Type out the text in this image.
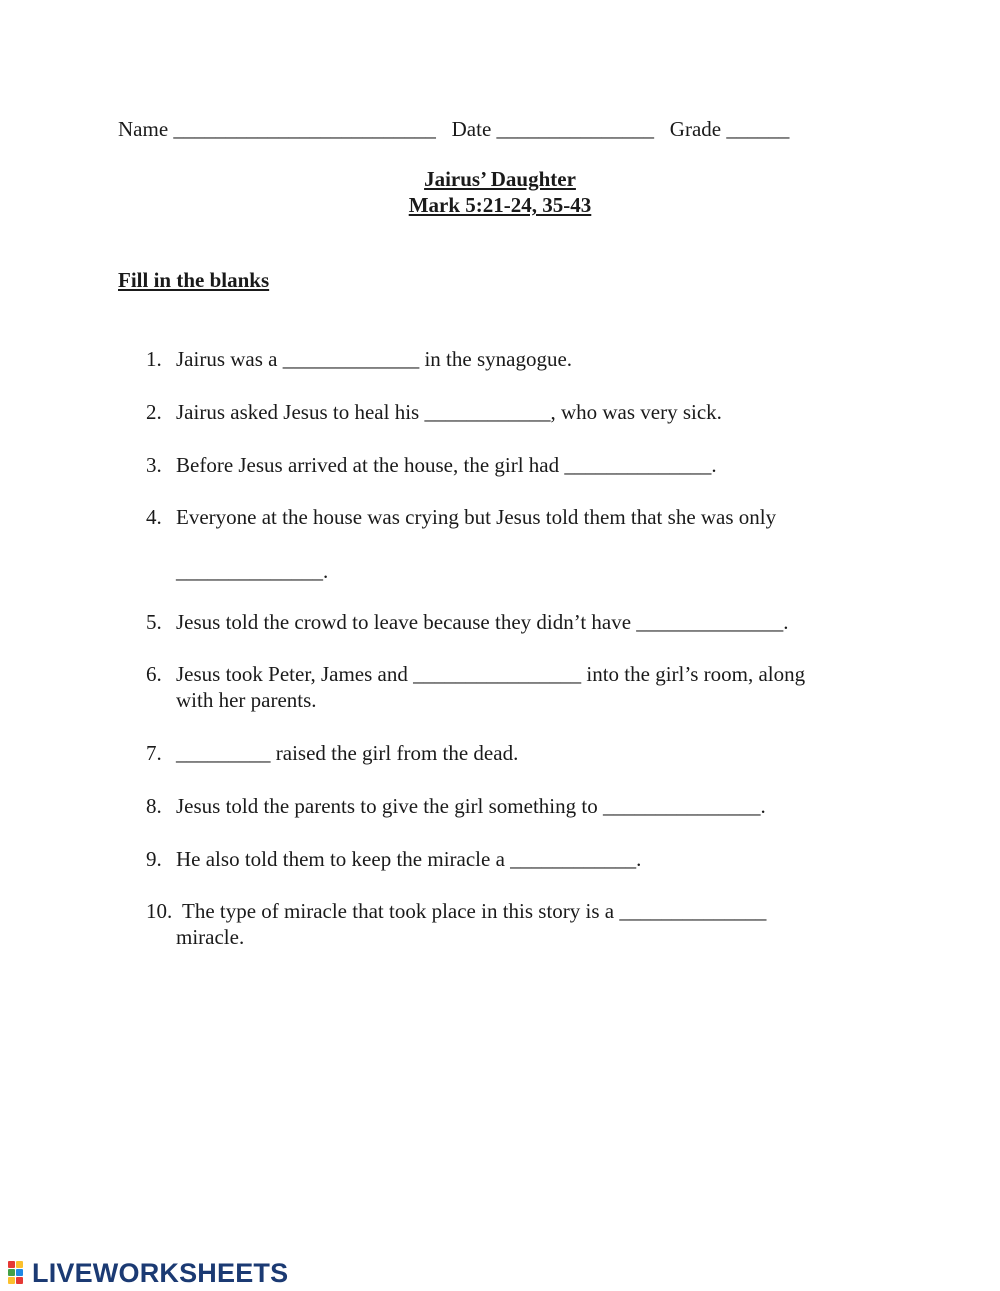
Name _________________________   Date _______________   Grade ______
Jairus’ Daughter
Mark 5:21-24, 35-43
Fill in the blanks
1. Jairus was a _____________ in the synagogue.
2. Jairus asked Jesus to heal his ____________, who was very sick.
3. Before Jesus arrived at the house, the girl had ______________.
4. Everyone at the house was crying but Jesus told them that she was only
______________.
5. Jesus told the crowd to leave because they didn’t have ______________.
6. Jesus took Peter, James and ________________ into the girl’s room, along
with her parents.
7. _________ raised the girl from the dead.
8. Jesus told the parents to give the girl something to _______________.
9. He also told them to keep the miracle a ____________.
10. The type of miracle that took place in this story is a ______________
miracle.
LIVEWORKSHEETS
